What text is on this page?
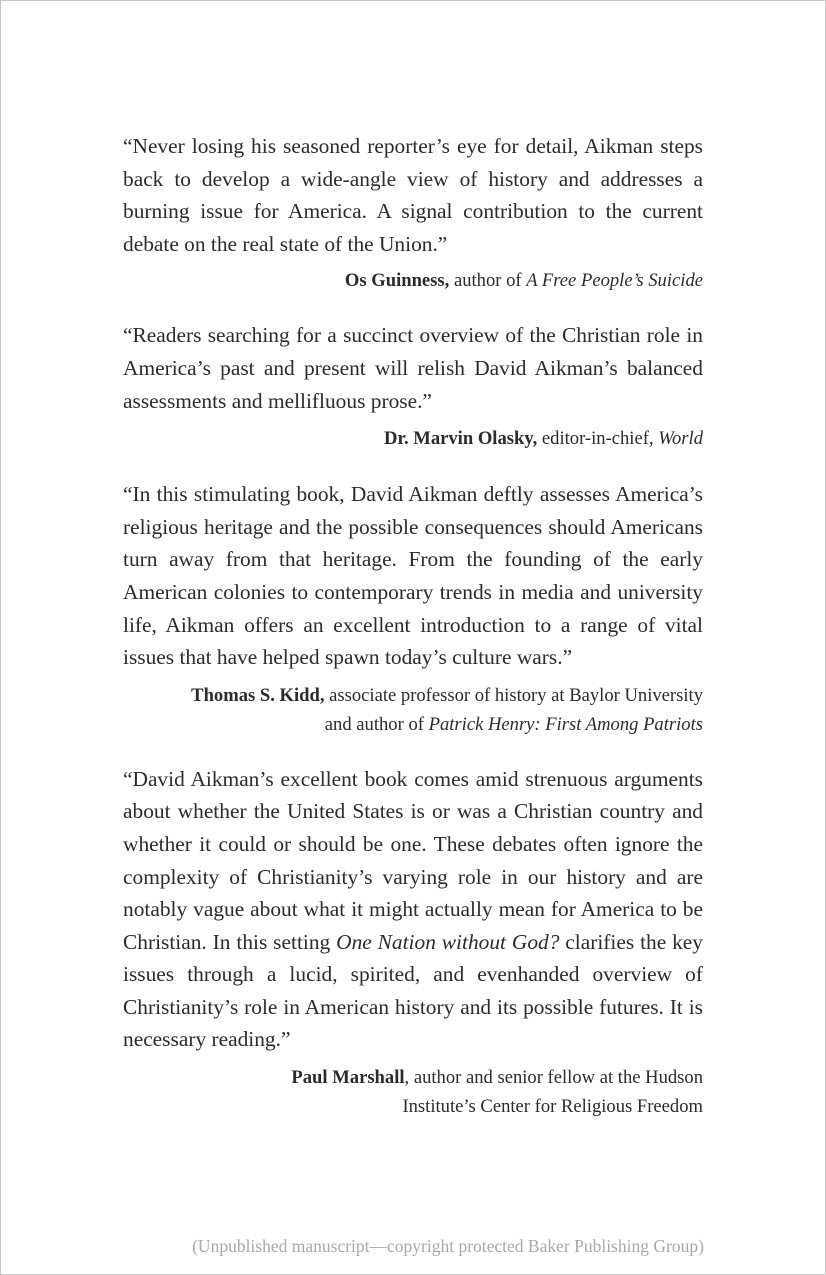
“Never losing his seasoned reporter’s eye for detail, Aikman steps back to develop a wide-angle view of history and addresses a burning issue for America. A signal contribution to the current debate on the real state of the Union.”

Os Guinness, author of A Free People’s Suicide

“Readers searching for a succinct overview of the Christian role in America’s past and present will relish David Aikman’s balanced assessments and mellifluous prose.”

Dr. Marvin Olasky, editor-in-chief, World

“In this stimulating book, David Aikman deftly assesses America’s religious heritage and the possible consequences should Americans turn away from that heritage. From the founding of the early American colonies to contemporary trends in media and university life, Aikman offers an excellent introduction to a range of vital issues that have helped spawn today’s culture wars.”

Thomas S. Kidd, associate professor of history at Baylor University and author of Patrick Henry: First Among Patriots

“David Aikman’s excellent book comes amid strenuous arguments about whether the United States is or was a Christian country and whether it could or should be one. These debates often ignore the complexity of Christianity’s varying role in our history and are notably vague about what it might actually mean for America to be Christian. In this setting One Nation without God? clarifies the key issues through a lucid, spirited, and evenhanded overview of Christianity’s role in American history and its possible futures. It is necessary reading.”

Paul Marshall, author and senior fellow at the Hudson Institute’s Center for Religious Freedom

(Unpublished manuscript—copyright protected Baker Publishing Group)
